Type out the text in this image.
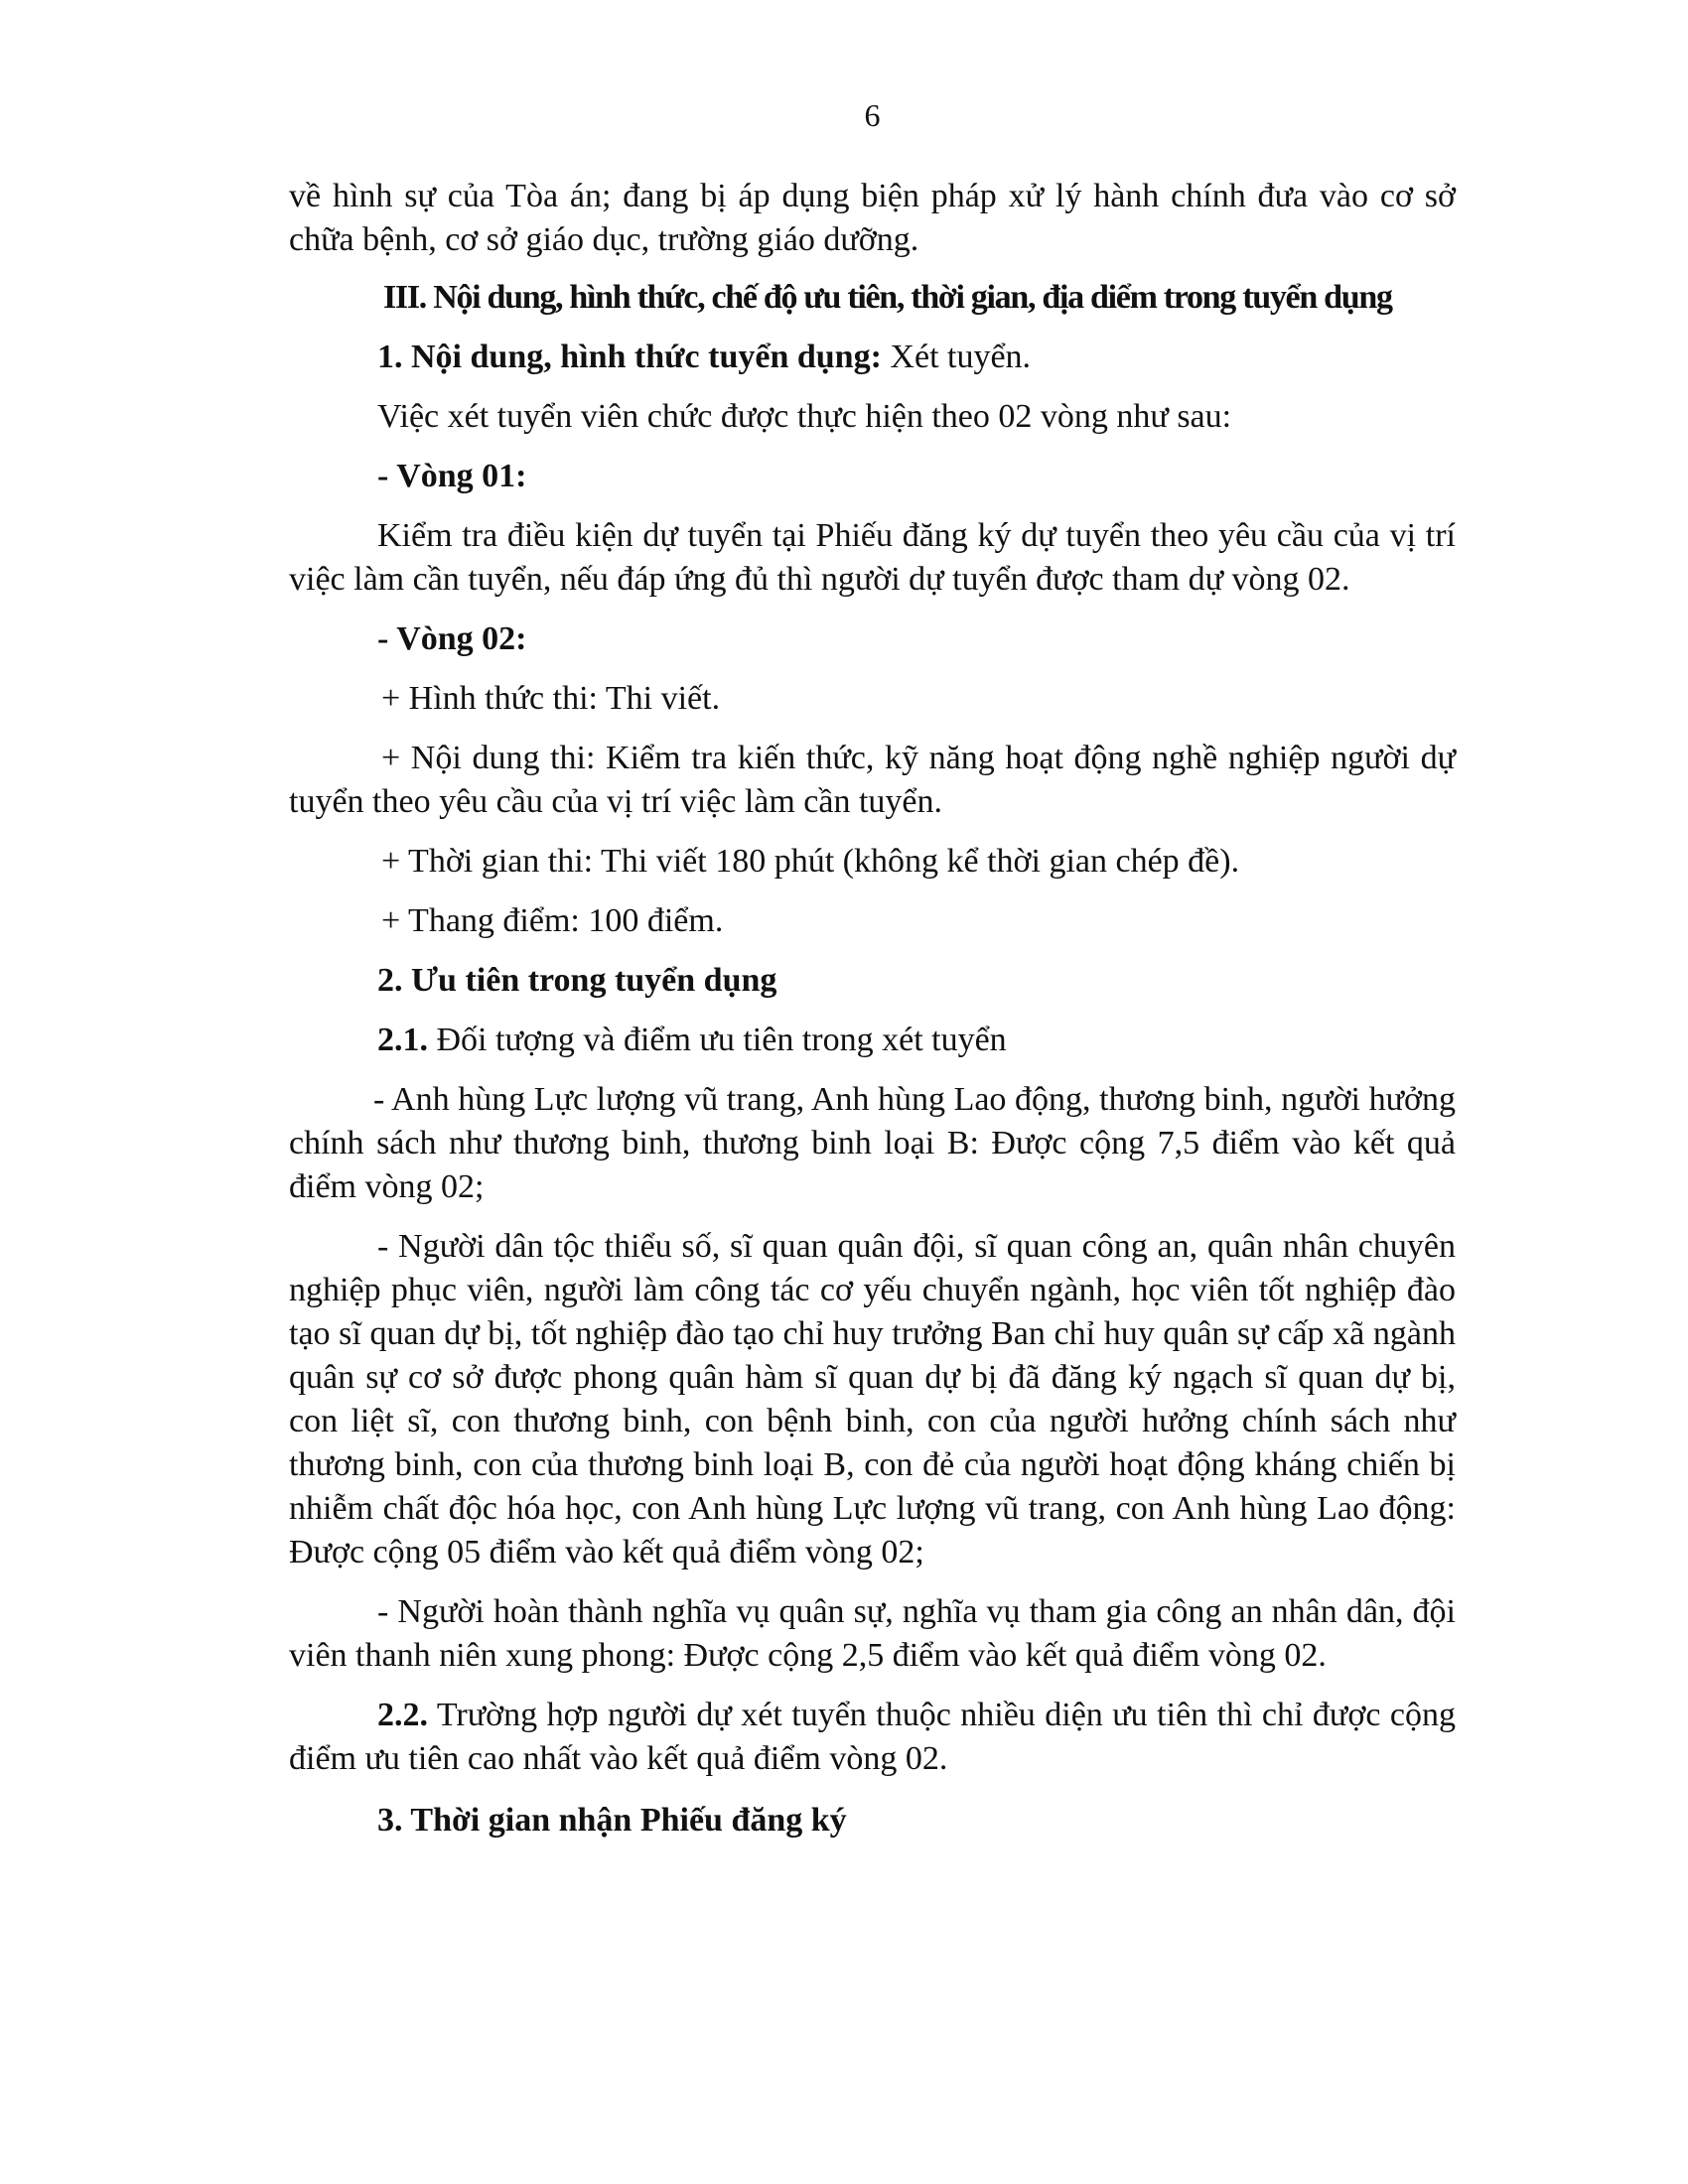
6

về hình sự của Tòa án; đang bị áp dụng biện pháp xử lý hành chính đưa vào cơ sở chữa bệnh, cơ sở giáo dục, trường giáo dưỡng.

III. Nội dung, hình thức, chế độ ưu tiên, thời gian, địa diểm trong tuyển dụng
1. Nội dung, hình thức tuyển dụng: Xét tuyển.
Việc xét tuyển viên chức được thực hiện theo 02 vòng như sau:
- Vòng 01:

Kiểm tra điều kiện dự tuyển tại Phiếu đăng ký dự tuyển theo yêu cầu của vị trí việc làm cần tuyển, nếu đáp ứng đủ thì người dự tuyển được tham dự vòng 02.

- Vòng 02:
+ Hình thức thi: Thi viết.

+ Nội dung thi: Kiểm tra kiến thức, kỹ năng hoạt động nghề nghiệp người dự tuyển theo yêu cầu của vị trí việc làm cần tuyển.

+ Thời gian thi: Thi viết 180 phút (không kể thời gian chép đề).
+ Thang điểm: 100 điểm.
2. Ưu tiên trong tuyển dụng
2.1. Đối tượng và điểm ưu tiên trong xét tuyển

- Anh hùng Lực lượng vũ trang, Anh hùng Lao động, thương binh, người hưởng chính sách như thương binh, thương binh loại B: Được cộng 7,5 điểm vào kết quả điểm vòng 02;

- Người dân tộc thiểu số, sĩ quan quân đội, sĩ quan công an, quân nhân chuyên nghiệp phục viên, người làm công tác cơ yếu chuyển ngành, học viên tốt nghiệp đào tạo sĩ quan dự bị, tốt nghiệp đào tạo chỉ huy trưởng Ban chỉ huy quân sự cấp xã ngành quân sự cơ sở được phong quân hàm sĩ quan dự bị đã đăng ký ngạch sĩ quan dự bị, con liệt sĩ, con thương binh, con bệnh binh, con của người hưởng chính sách như thương binh, con của thương binh loại B, con đẻ của người hoạt động kháng chiến bị nhiễm chất độc hóa học, con Anh hùng Lực lượng vũ trang, con Anh hùng Lao động: Được cộng 05 điểm vào kết quả điểm vòng 02;

- Người hoàn thành nghĩa vụ quân sự, nghĩa vụ tham gia công an nhân dân, đội viên thanh niên xung phong: Được cộng 2,5 điểm vào kết quả điểm vòng 02.

2.2. Trường hợp người dự xét tuyển thuộc nhiều diện ưu tiên thì chỉ được cộng điểm ưu tiên cao nhất vào kết quả điểm vòng 02.

3. Thời gian nhận Phiếu đăng ký
